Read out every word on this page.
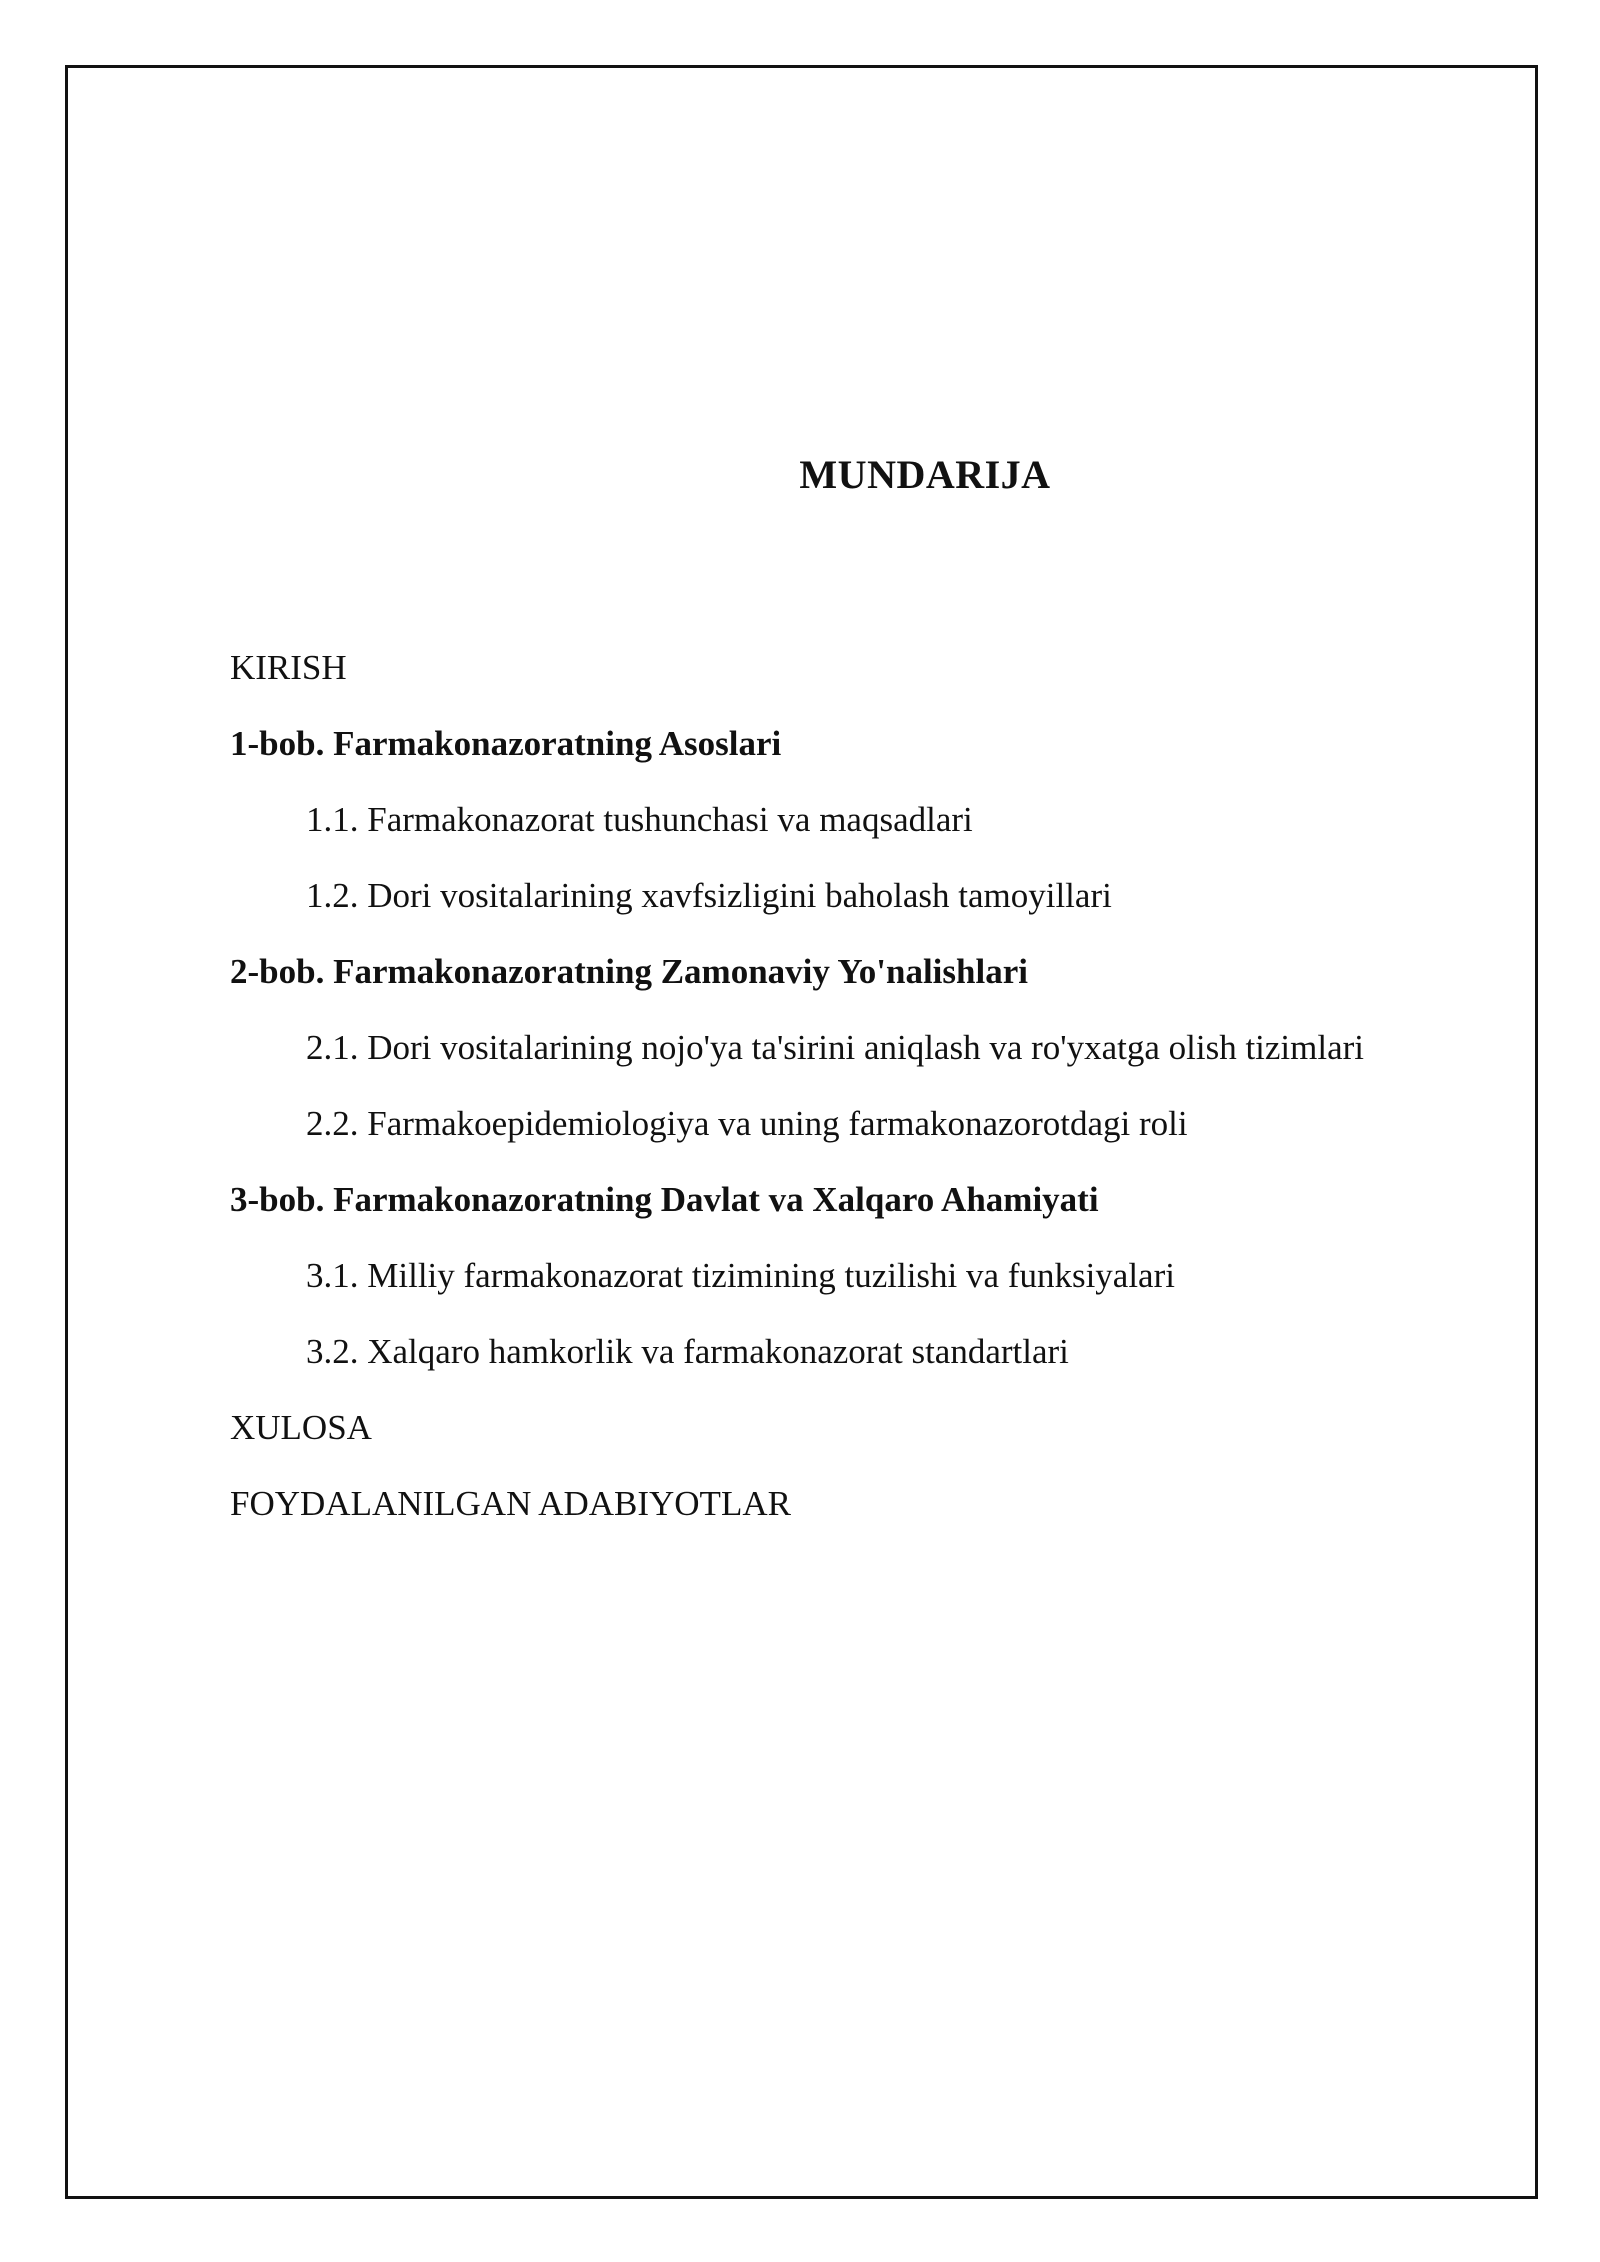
MUNDARIJA
KIRISH
1-bob. Farmakonazoratning Asoslari
1.1. Farmakonazorat tushunchasi va maqsadlari
1.2. Dori vositalarining xavfsizligini baholash tamoyillari
2-bob. Farmakonazoratning Zamonaviy Yo'nalishlari
2.1. Dori vositalarining nojo'ya ta'sirini aniqlash va ro'yxatga olish tizimlari
2.2. Farmakoepidemiologiya va uning farmakonazorotdagi roli
3-bob. Farmakonazoratning Davlat va Xalqaro Ahamiyati
3.1. Milliy farmakonazorat tizimining tuzilishi va funksiyalari
3.2. Xalqaro hamkorlik va farmakonazorat standartlari
XULOSA
FOYDALANILGAN ADABIYOTLAR
